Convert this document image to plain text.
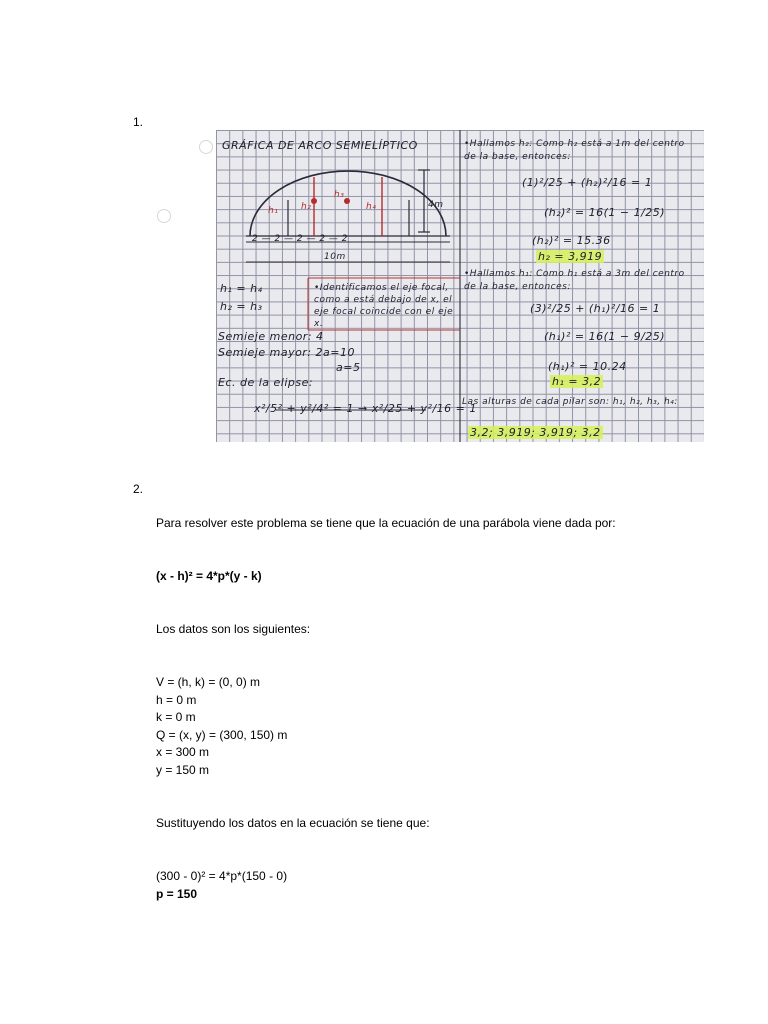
1.
GRÁFICA DE ARCO SEMIELÍPTICO
h₁	h₂
h₃
h₄	4m
2 — 2 — 2 — 2 — 2
10m
h₁ = h₄
h₂ = h₃
•Identificamos el eje focal, como a está debajo de x, el eje focal coincide con el eje x.
Semieje menor: 4
Semieje mayor: 2a=10
a=5
Ec. de la elipse:
x²/5² + y²/4² = 1 → x²/25 + y²/16 = 1
•Hallamos h₂: Como h₂ está a 1m del centro de la base, entonces:
(1)²/25 + (h₂)²/16 = 1
(h₂)² = 16(1 − 1/25)
(h₂)² = 15.36
h₂ = 3,919
•Hallamos h₁: Como h₁ está a 3m del centro de la base, entonces:
(3)²/25 + (h₁)²/16 = 1
(h₁)² = 16(1 − 9/25)
(h₁)² = 10.24
h₁ = 3,2
Las alturas de cada pilar son: h₁, h₂, h₃, h₄:
3,2; 3,919; 3,919; 3,2
2.
Para resolver este problema se tiene que la ecuación de una parábola viene dada por:
(x - h)² = 4*p*(y - k)
Los datos son los siguientes:
V = (h, k) = (0, 0) m
h = 0 m
k = 0 m
Q = (x, y) = (300, 150) m
x = 300 m
y = 150 m
Sustituyendo los datos en la ecuación se tiene que:
(300 - 0)² = 4*p*(150 - 0)
p = 150
